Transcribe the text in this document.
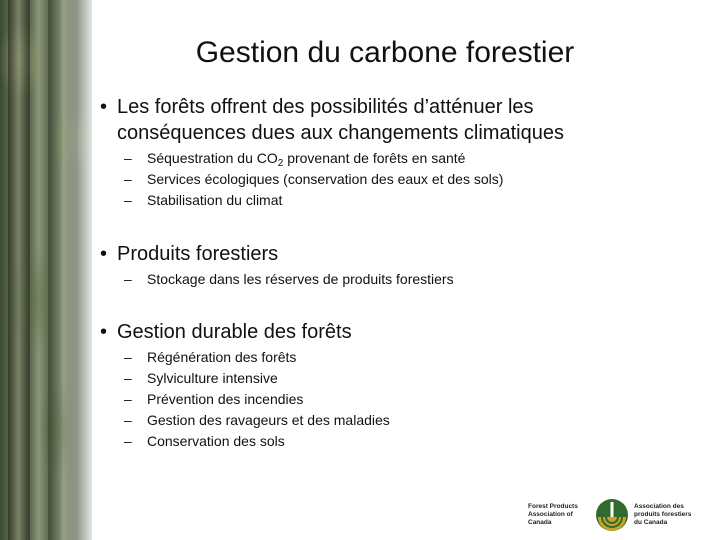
Gestion du carbone forestier
• Les forêts offrent des possibilités d’atténuer les conséquences dues aux changements climatiques
–	Séquestration du $CO_2$ provenant de forêts en santé
–	Services écologiques (conservation des eaux et des sols)
–	Stabilisation du climat
• Produits forestiers
–	Stockage dans les réserves de produits forestiers
• Gestion durable des forêts
–	Régénération des forêts
–	Sylviculture intensive
–	Prévention des incendies
–	Gestion des ravageurs et des maladies
–	Conservation des sols
Forest Products Association of Canada
Association des produits forestiers du Canada
